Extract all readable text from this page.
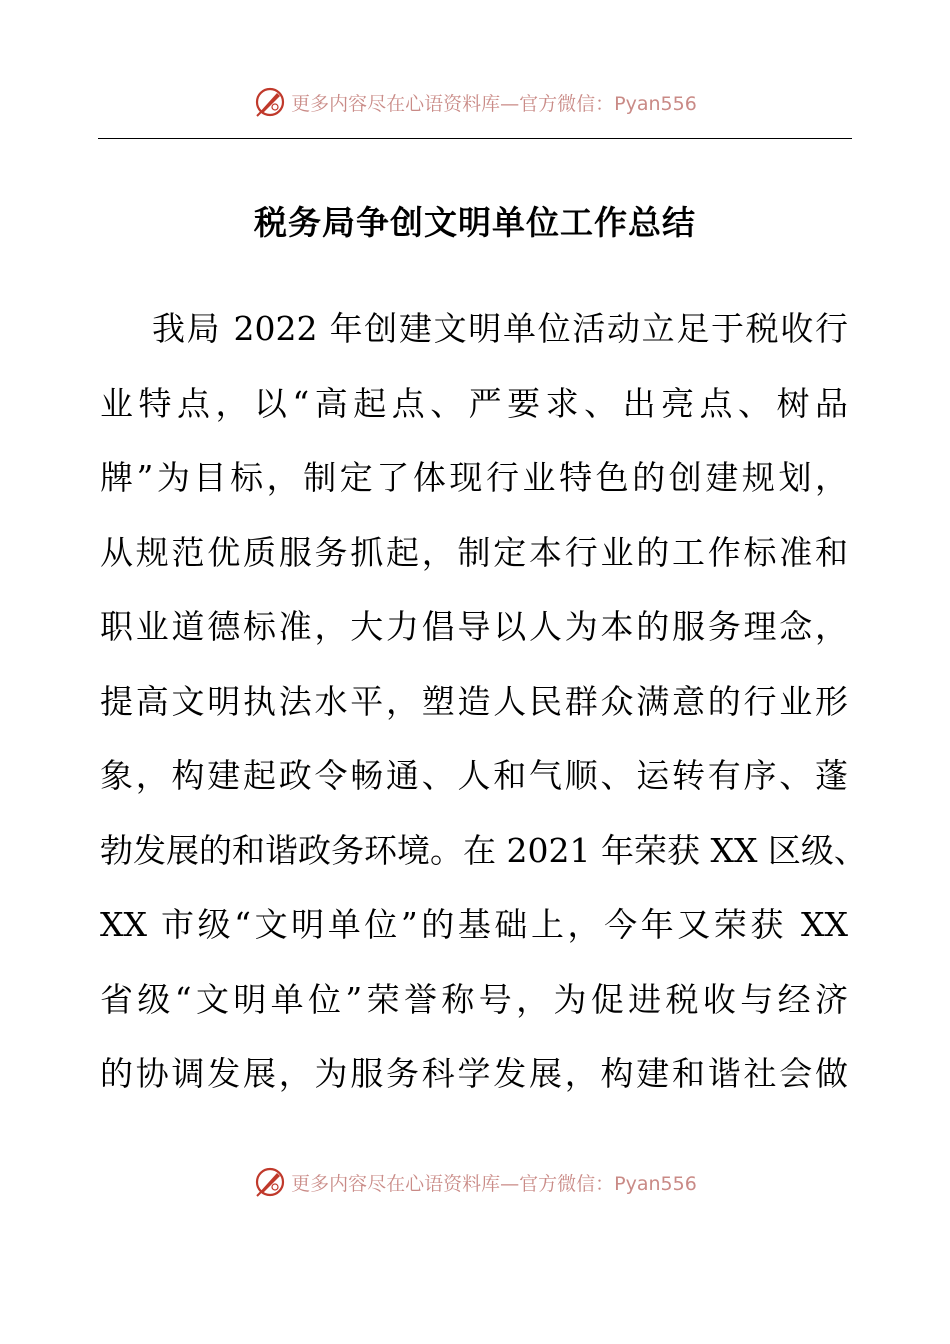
更多内容尽在心语资料库—官方微信：Pyan556
税务局争创文明单位工作总结
我局 2022 年创建文明单位活动立足于税收行
业特点，以“高起点、严要求、出亮点、树品
牌”为目标，制定了体现行业特色的创建规划，
从规范优质服务抓起，制定本行业的工作标准和
职业道德标准，大力倡导以人为本的服务理念，
提高文明执法水平，塑造人民群众满意的行业形
象，构建起政令畅通、人和气顺、运转有序、蓬
勃发展的和谐政务环境。在 2021 年荣获 XX 区级、
XX 市级“文明单位”的基础上，今年又荣获 XX
省级“文明单位”荣誉称号，为促进税收与经济
的协调发展，为服务科学发展，构建和谐社会做
更多内容尽在心语资料库—官方微信：Pyan556
